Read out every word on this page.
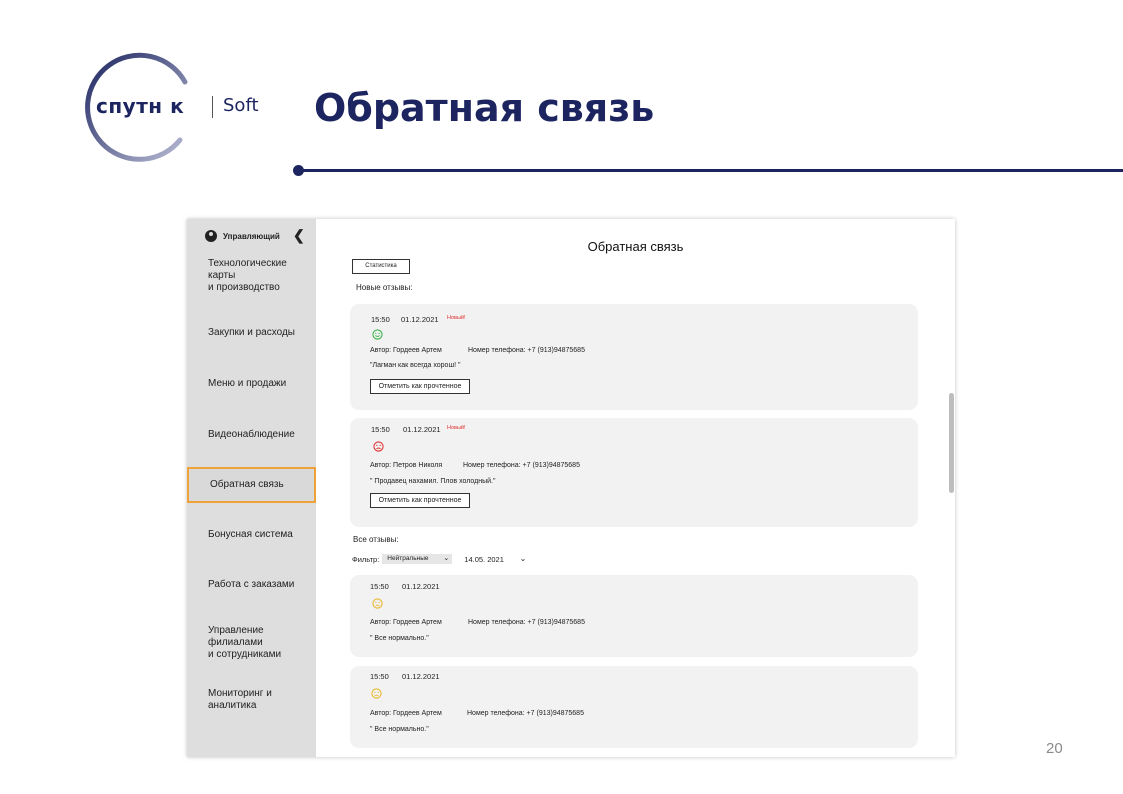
спутн к Soft Обратная связь
20
Управляющий ❮
Технологические
карты
и производство
Закупки и расходы
Меню и продажи
Видеонаблюдение
Обратная связь
Бонусная система
Работа с заказами
Управление
филиалами
и сотрудниками
Мониторинг и
аналитика
Обратная связь
Статистика
Новые отзывы:
15:50 01.12.2021 Новый!
Автор: Гордеев Артем	Номер телефона: +7 (913)94875685
"Лагман как всегда хорош! "
Отметить как прочтенное
15:50 01.12.2021 Новый!
Автор: Петров Николя	Номер телефона: +7 (913)94875685
" Продавец нахамил. Плов холодный."
Отметить как прочтенное
Все отзывы:
Фильтр:	Нейтральные ⌄ 14.05. 2021 ⌄
15:50 01.12.2021
Автор: Гордеев Артем	Номер телефона: +7 (913)94875685
" Все нормально."
15:50 01.12.2021
Автор: Гордеев Артем	Номер телефона: +7 (913)94875685
" Все нормально."
